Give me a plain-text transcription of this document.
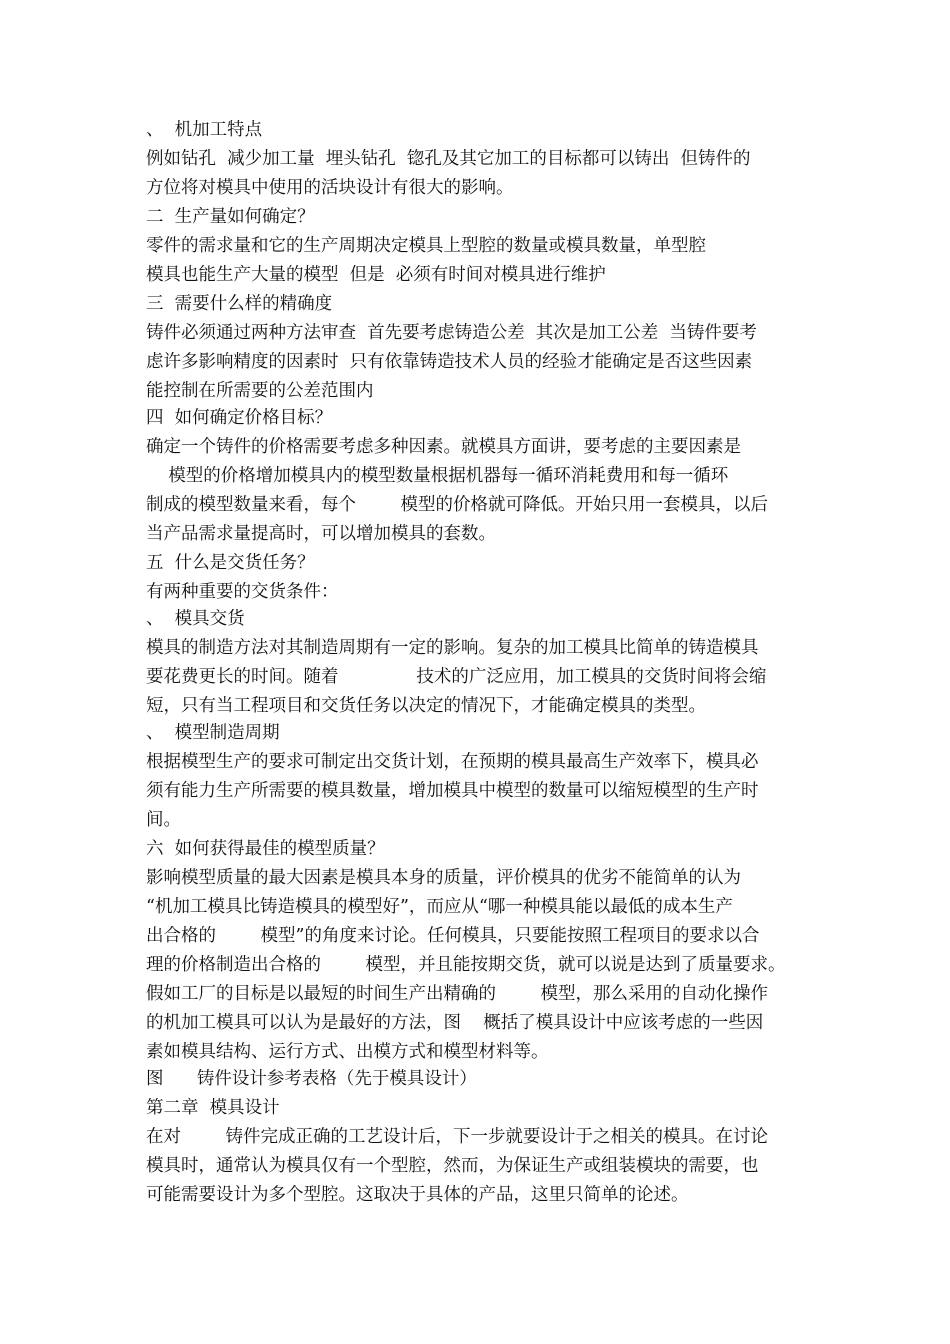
、  机加工特点
例如钻孔  减少加工量  埋头钻孔  锪孔及其它加工的目标都可以铸出  但铸件的
方位将对模具中使用的活块设计有很大的影响。
二  生产量如何确定？
零件的需求量和它的生产周期决定模具上型腔的数量或模具数量，单型腔
模具也能生产大量的模型  但是  必须有时间对模具进行维护
三  需要什么样的精确度
铸件必须通过两种方法审查  首先要考虑铸造公差  其次是加工公差  当铸件要考
虑许多影响精度的因素时  只有依靠铸造技术人员的经验才能确定是否这些因素
能控制在所需要的公差范围内
四  如何确定价格目标？
确定一个铸件的价格需要考虑多种因素。就模具方面讲，要考虑的主要因素是
模型的价格增加模具内的模型数量根据机器每一循环消耗费用和每一循环
制成的模型数量来看，每个        模型的价格就可降低。开始只用一套模具，以后
当产品需求量提高时，可以增加模具的套数。
五  什么是交货任务？
有两种重要的交货条件：
、  模具交货
模具的制造方法对其制造周期有一定的影响。复杂的加工模具比简单的铸造模具
要花费更长的时间。随着              技术的广泛应用，加工模具的交货时间将会缩
短，只有当工程项目和交货任务以决定的情况下，才能确定模具的类型。
、  模型制造周期
根据模型生产的要求可制定出交货计划，在预期的模具最高生产效率下，模具必
须有能力生产所需要的模具数量，增加模具中模型的数量可以缩短模型的生产时
间。
六  如何获得最佳的模型质量？
影响模型质量的最大因素是模具本身的质量，评价模具的优劣不能简单的认为
“机加工模具比铸造模具的模型好”，而应从“哪一种模具能以最低的成本生产
出合格的        模型”的角度来讨论。任何模具，只要能按照工程项目的要求以合
理的价格制造出合格的        模型，并且能按期交货，就可以说是达到了质量要求。
假如工厂的目标是以最短的时间生产出精确的        模型，那么采用的自动化操作
的机加工模具可以认为是最好的方法，图    概括了模具设计中应该考虑的一些因
素如模具结构、运行方式、出模方式和模型材料等。
图      铸件设计参考表格（先于模具设计）
第二章  模具设计
在对        铸件完成正确的工艺设计后，下一步就要设计于之相关的模具。在讨论
模具时，通常认为模具仅有一个型腔，然而，为保证生产或组装模块的需要，也
可能需要设计为多个型腔。这取决于具体的产品，这里只简单的论述。
